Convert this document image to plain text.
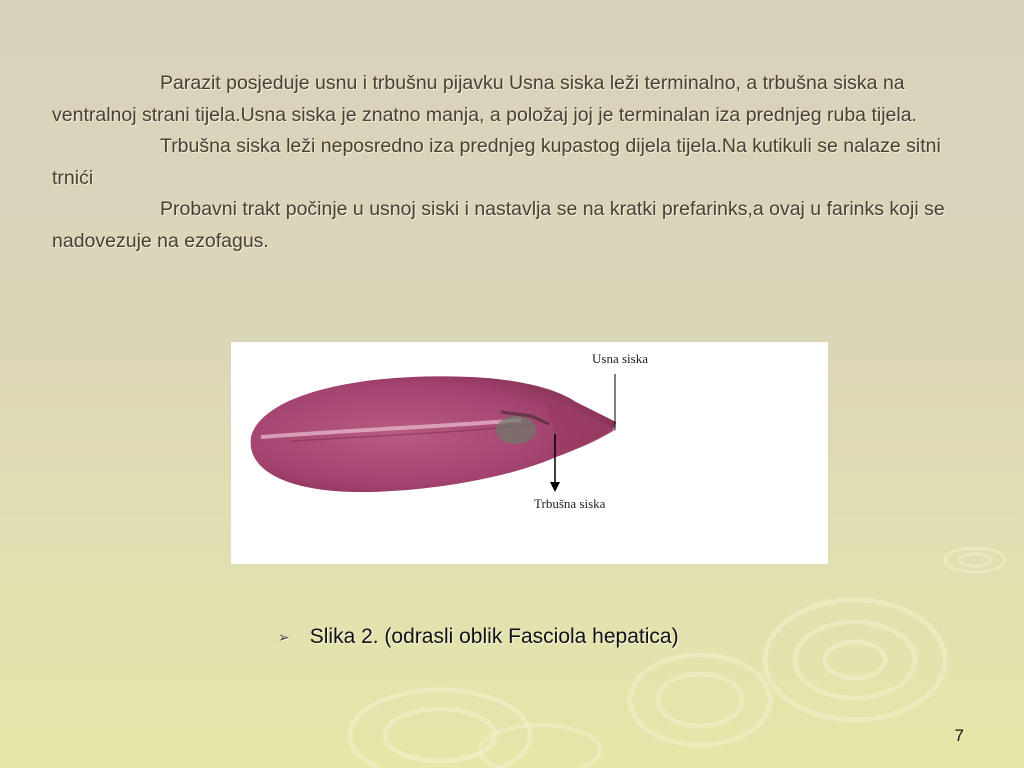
Parazit posjeduje usnu i trbušnu pijavku Usna siska leži terminalno, a trbušna siska na ventralnoj strani tijela.Usna siska je znatno manja, a položaj joj je terminalan iza prednjeg ruba tijela.

Trbušna siska leži neposredno iza prednjeg kupastog dijela tijela.Na kutikuli se nalaze sitni trnići

Probavni trakt počinje u usnoj siski i nastavlja se na kratki prefarinks,a ovaj u farinks koji se nadovezuje na ezofagus.

Usna siska
Trbušna siska
➢ Slika 2. (odrasli oblik Fasciola hepatica)
7
